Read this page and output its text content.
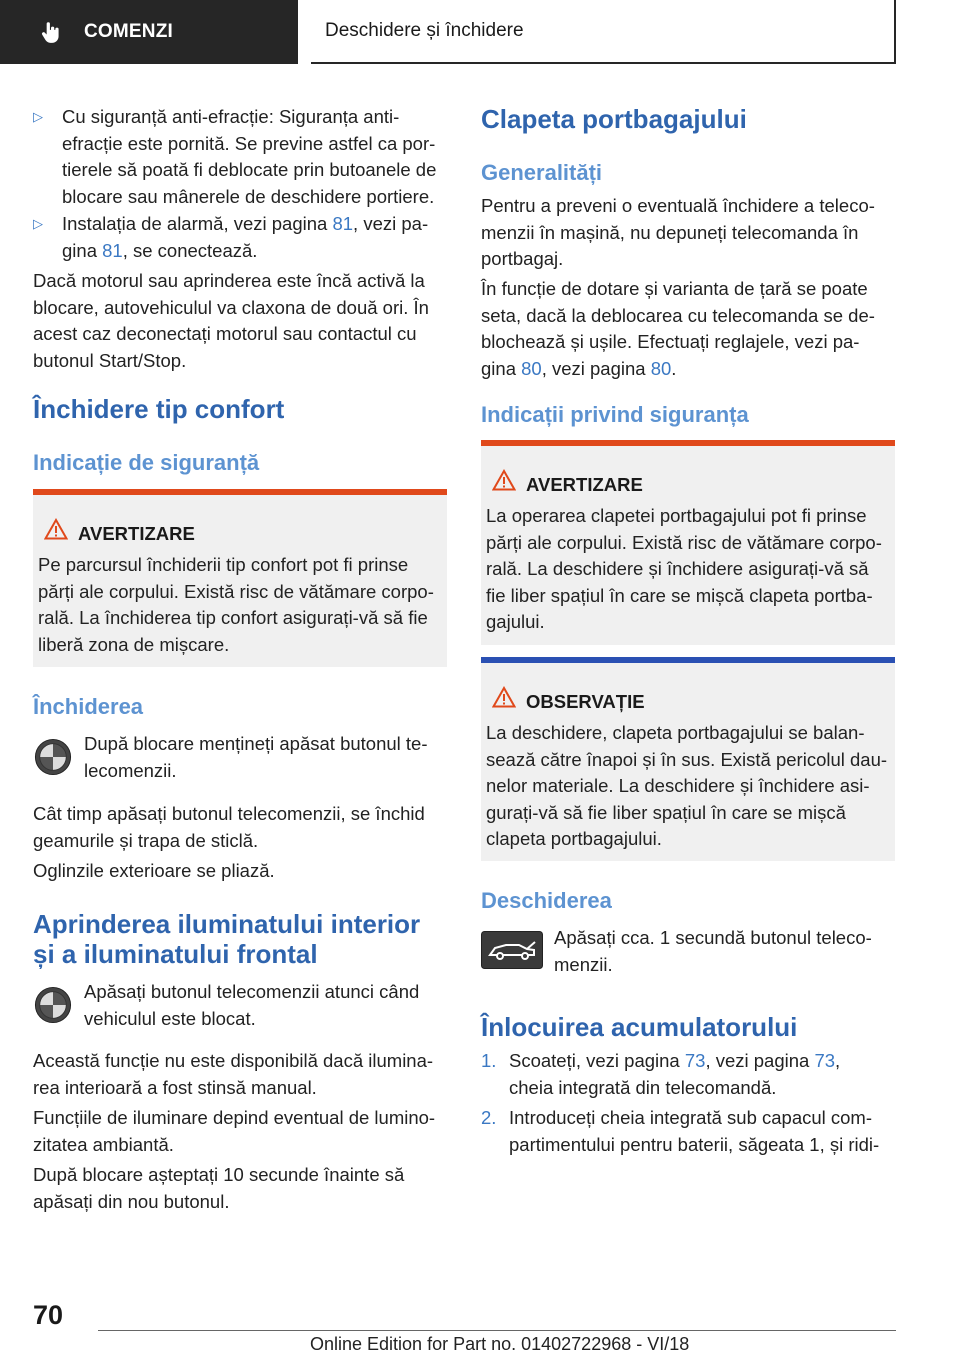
COMENZI	Deschidere și închidere
▷ Cu siguranță anti-efracție: Siguranța anti-
efracție este pornită. Se previne astfel ca por-
tierele să poată fi deblocate prin butoanele de
blocare sau mânerele de deschidere portiere.
▷ Instalația de alarmă, vezi pagina 81, vezi pa-
gina 81, se conectează.
Dacă motorul sau aprinderea este încă activă la
blocare, autovehiculul va claxona de două ori. În
acest caz deconectați motorul sau contactul cu
butonul Start/Stop.
Închidere tip confort
Indicație de siguranță
AVERTIZARE
Pe parcursul închiderii tip confort pot fi prinse
părți ale corpului. Există risc de vătămare corpo-
rală. La închiderea tip confort asigurați-vă să fie
liberă zona de mișcare.
Închiderea
După blocare mențineți apăsat butonul te-
lecomenzii.
Cât timp apăsați butonul telecomenzii, se închid
geamurile și trapa de sticlă.
Oglinzile exterioare se pliază.
Aprinderea iluminatului interior
și a iluminatului frontal
Apăsați butonul telecomenzii atunci când
vehiculul este blocat.
Această funcție nu este disponibilă dacă ilumina-
rea interioară a fost stinsă manual.
Funcțiile de iluminare depind eventual de lumino-
zitatea ambiantă.
După blocare așteptați 10 secunde înainte să
apăsați din nou butonul.
Clapeta portbagajului
Generalități
Pentru a preveni o eventuală închidere a teleco-
menzii în mașină, nu depuneți telecomanda în
portbagaj.
În funcție de dotare și varianta de țară se poate
seta, dacă la deblocarea cu telecomanda se de-
blochează și ușile. Efectuați reglajele, vezi pa-
gina 80, vezi pagina 80.
Indicații privind siguranța
AVERTIZARE
La operarea clapetei portbagajului pot fi prinse
părți ale corpului. Există risc de vătămare corpo-
rală. La deschidere și închidere asigurați-vă să
fie liber spațiul în care se mișcă clapeta portba-
gajului.
OBSERVAȚIE
La deschidere, clapeta portbagajului se balan-
sează către înapoi și în sus. Există pericolul dau-
nelor materiale. La deschidere și închidere asi-
gurați-vă să fie liber spațiul în care se mișcă
clapeta portbagajului.
Deschiderea
Apăsați cca. 1 secundă butonul teleco-
menzii.
Înlocuirea acumulatorului
1. Scoateți, vezi pagina 73, vezi pagina 73,
cheia integrată din telecomandă.
2. Introduceți cheia integrată sub capacul com-
partimentului pentru baterii, săgeata 1, și ridi-
70
Online Edition for Part no. 01402722968 - VI/18
